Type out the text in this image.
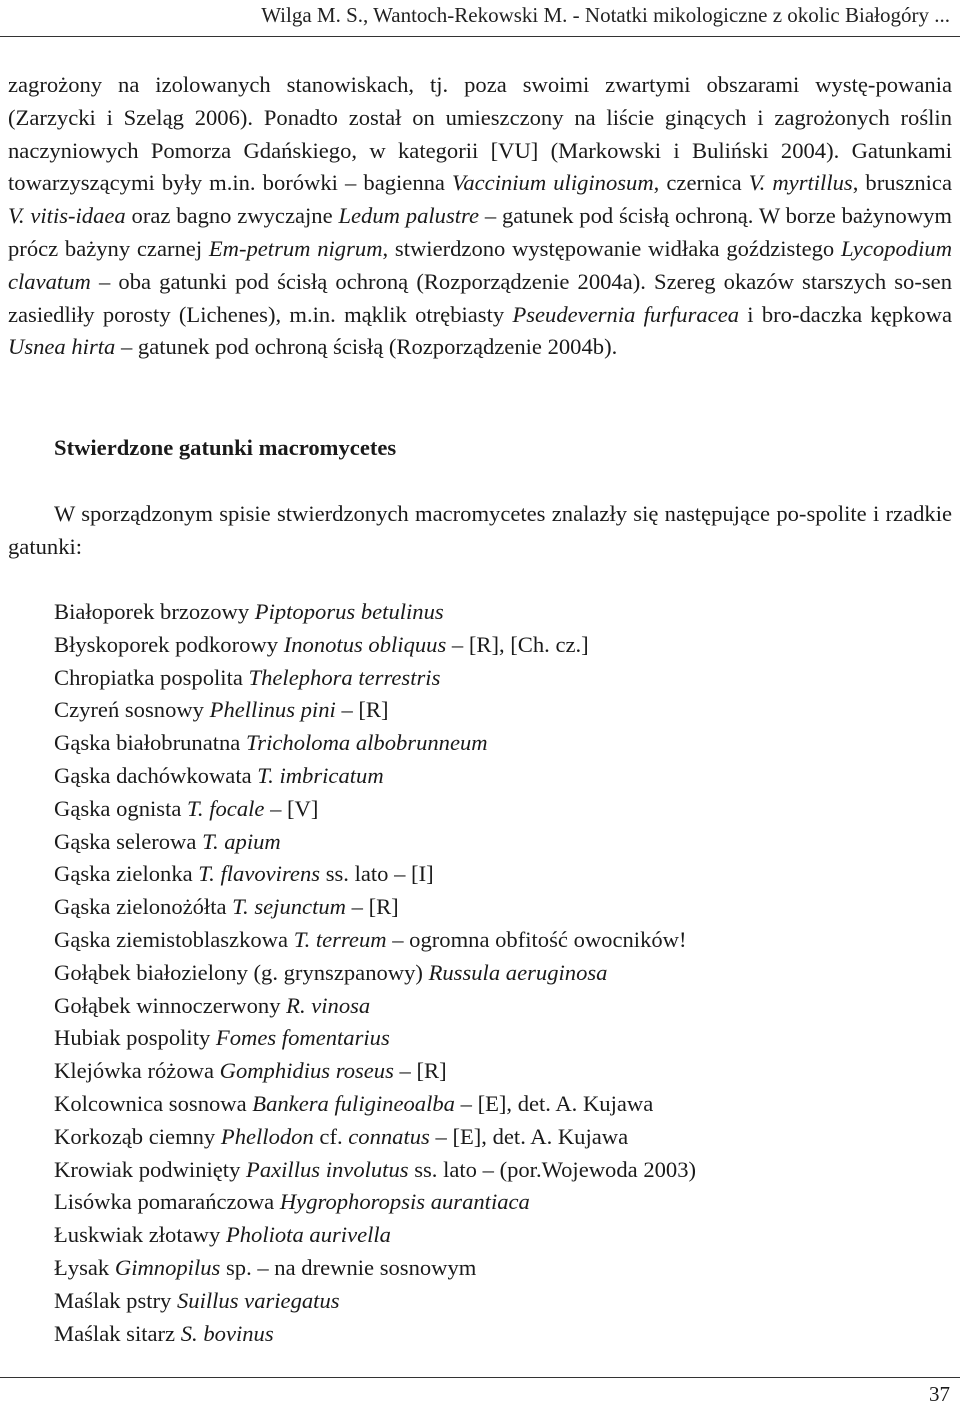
Wilga M. S., Wantoch-Rekowski M. - Notatki mikologiczne z okolic Białogóry ...

zagrożony na izolowanych stanowiskach, tj. poza swoimi zwartymi obszarami wystę-powania (Zarzycki i Szeląg 2006). Ponadto został on umieszczony na liście ginących i zagrożonych roślin naczyniowych Pomorza Gdańskiego, w kategorii [VU] (Markowski i Buliński 2004). Gatunkami towarzyszącymi były m.in. borówki – bagienna Vaccinium uliginosum, czernica V. myrtillus, brusznica V. vitis-idaea oraz bagno zwyczajne Ledum palustre – gatunek pod ścisłą ochroną. W borze bażynowym prócz bażyny czarnej Em-petrum nigrum, stwierdzono występowanie widłaka goździstego Lycopodium clavatum – oba gatunki pod ścisłą ochroną (Rozporządzenie 2004a). Szereg okazów starszych so-sen zasiedliły porosty (Lichenes), m.in. mąklik otrębiasty Pseudevernia furfuracea i bro-daczka kępkowa Usnea hirta – gatunek pod ochroną ścisłą (Rozporządzenie 2004b).

Stwierdzone gatunki macromycetes

W sporządzonym spisie stwierdzonych macromycetes znalazły się następujące po-spolite i rzadkie gatunki:

Białoporek brzozowy Piptoporus betulinus
Błyskoporek podkorowy Inonotus obliquus – [R], [Ch. cz.]
Chropiatka pospolita Thelephora terrestris
Czyreń sosnowy Phellinus pini – [R]
Gąska białobrunatna Tricholoma albobrunneum
Gąska dachówkowata T. imbricatum
Gąska ognista T. focale – [V]
Gąska selerowa T. apium
Gąska zielonka T. flavovirens ss. lato – [I]
Gąska zielonożółta T. sejunctum – [R]
Gąska ziemistoblaszkowa T. terreum – ogromna obfitość owocników!
Gołąbek białozielony (g. grynszpanowy) Russula aeruginosa
Gołąbek winnoczerwony R. vinosa
Hubiak pospolity Fomes fomentarius
Klejówka różowa Gomphidius roseus – [R]
Kolcownica sosnowa Bankera fuligineoalba – [E], det. A. Kujawa
Korkoząb ciemny Phellodon cf. connatus – [E], det. A. Kujawa
Krowiak podwinięty Paxillus involutus ss. lato – (por.Wojewoda 2003)
Lisówka pomarańczowa Hygrophoropsis aurantiaca
Łuskwiak złotawy Pholiota aurivella
Łysak Gimnopilus sp. – na drewnie sosnowym
Maślak pstry Suillus variegatus
Maślak sitarz S. bovinus
37
